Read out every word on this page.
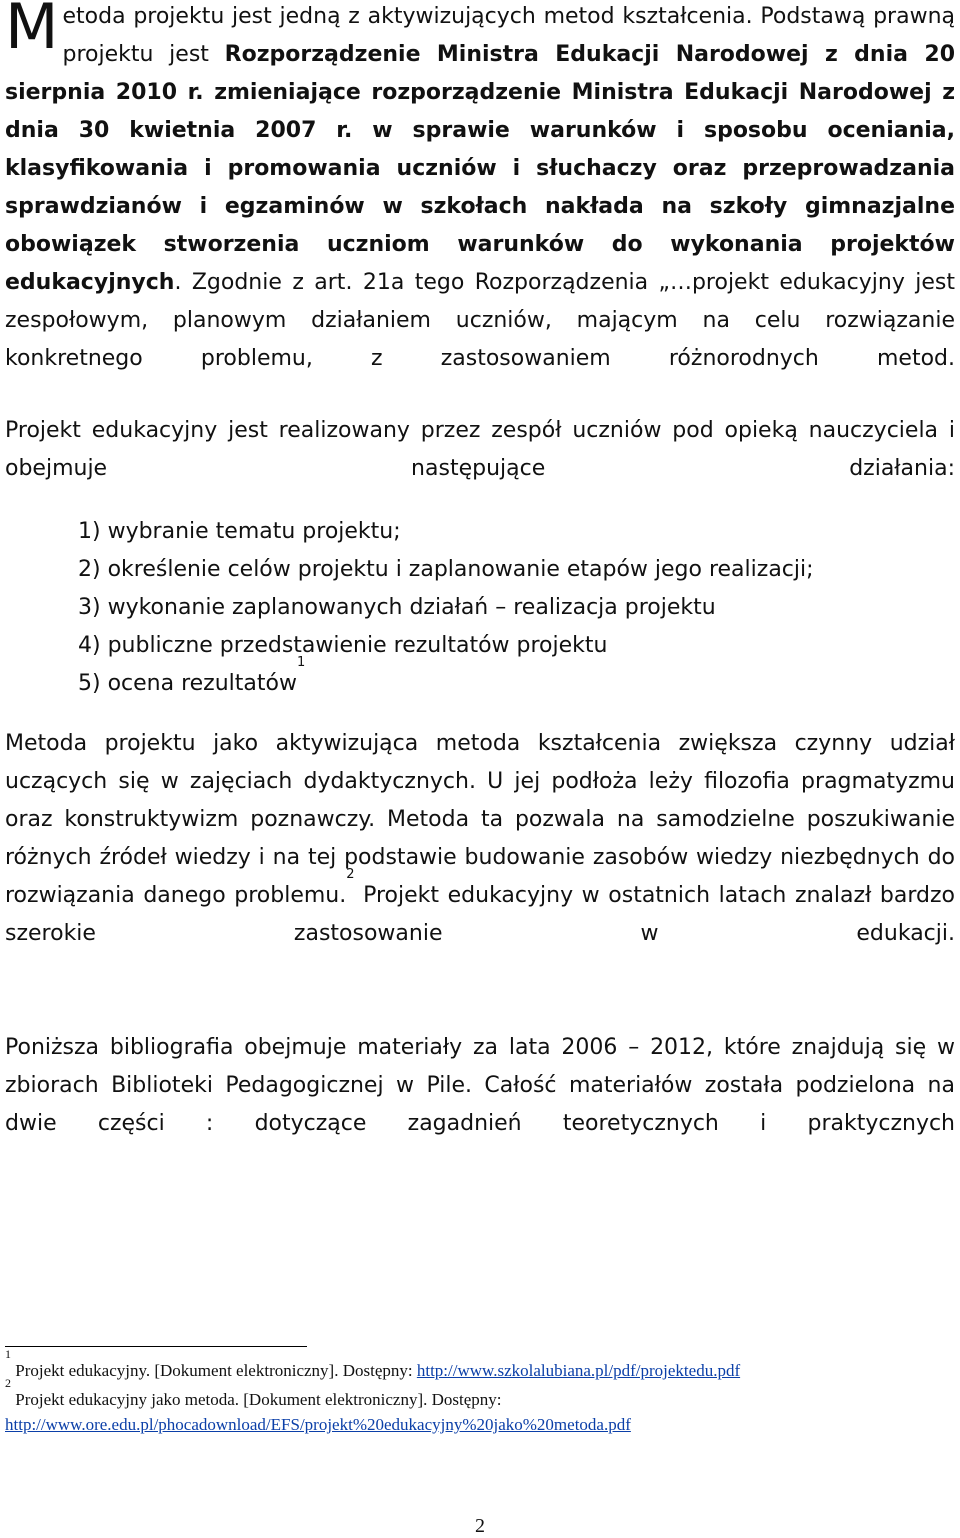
Metoda projektu jest jedną z aktywizujących metod kształcenia. Podstawą prawną projektu jest Rozporządzenie Ministra Edukacji Narodowej z dnia 20 sierpnia 2010 r. zmieniające rozporządzenie Ministra Edukacji Narodowej z dnia 30 kwietnia 2007 r. w sprawie warunków i sposobu oceniania, klasyfikowania i promowania uczniów i słuchaczy oraz przeprowadzania sprawdzianów i egzaminów w szkołach nakłada na szkoły gimnazjalne obowiązek stworzenia uczniom warunków do wykonania projektów edukacyjnych. Zgodnie z art. 21a tego Rozporządzenia „…projekt edukacyjny jest zespołowym, planowym działaniem uczniów, mającym na celu rozwiązanie konkretnego problemu, z zastosowaniem różnorodnych metod.

Projekt edukacyjny jest realizowany przez zespół uczniów pod opieką nauczyciela i obejmuje następujące działania:

1) wybranie tematu projektu;
2) określenie celów projektu i zaplanowanie etapów jego realizacji;
3) wykonanie zaplanowanych działań – realizacja projektu
4) publiczne przedstawienie rezultatów projektu
5) ocena rezultatów$^1$

Metoda projektu jako aktywizująca metoda kształcenia zwiększa czynny udział uczących się w zajęciach dydaktycznych. U jej podłoża leży filozofia pragmatyzmu oraz konstruktywizm poznawczy. Metoda ta pozwala na samodzielne poszukiwanie różnych źródeł wiedzy i na tej podstawie budowanie zasobów wiedzy niezbędnych do rozwiązania danego problemu.$^2$ Projekt edukacyjny w ostatnich latach znalazł bardzo szerokie zastosowanie w edukacji.

Poniższa bibliografia obejmuje materiały za lata 2006 – 2012, które znajdują się w zbiorach Biblioteki Pedagogicznej w Pile. Całość materiałów została podzielona na dwie części : dotyczące zagadnień teoretycznych i praktycznych

$^1$ Projekt edukacyjny. [Dokument elektroniczny]. Dostępny: http://www.szkolalubiana.pl/pdf/projektedu.pdf
$^2$ Projekt edukacyjny jako metoda. [Dokument elektroniczny]. Dostępny:
http://www.ore.edu.pl/phocadownload/EFS/projekt%20edukacyjny%20jako%20metoda.pdf
2
